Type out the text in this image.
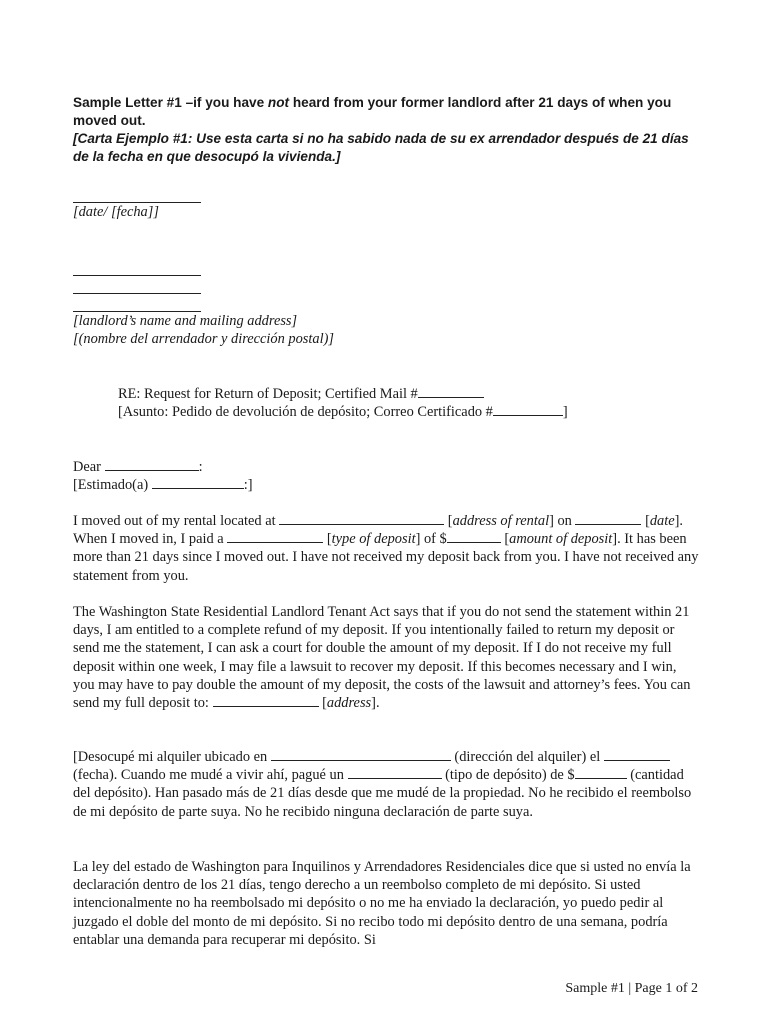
Sample Letter #1 –if you have not heard from your former landlord after 21 days of when you moved out.
[Carta Ejemplo #1: Use esta carta si no ha sabido nada de su ex arrendador después de 21 días de la fecha en que desocupó la vivienda.]
[date/ [fecha]]
[landlord’s name and mailing address]
[(nombre del arrendador y dirección postal)]
RE: Request for Return of Deposit; Certified Mail #
[Asunto: Pedido de devolución de depósito; Correo Certificado #	]
Dear	:
[Estimado(a)	:]

I moved out of my rental located at	[address of rental] on	[date]. When I moved in, I paid a	[type of deposit] of $	[amount of deposit]. It has been more than 21 days since I moved out. I have not received my deposit back from you. I have not received any statement from you.

The Washington State Residential Landlord Tenant Act says that if you do not send the statement within 21 days, I am entitled to a complete refund of my deposit. If you intentionally failed to return my deposit or send me the statement, I can ask a court for double the amount of my deposit. If I do not receive my full deposit within one week, I may file a lawsuit to recover my deposit. If this becomes necessary and I win, you may have to pay double the amount of my deposit, the costs of the lawsuit and attorney’s fees. You can send my full deposit to:	[address].

[Desocupé mi alquiler ubicado en	(dirección del alquiler) el  (fecha). Cuando me mudé a vivir ahí, pagué un	(tipo de depósito) de $	(cantidad del depósito). Han pasado más de 21 días desde que me mudé de la propiedad. No he recibido el reembolso de mi depósito de parte suya. No he recibido ninguna declaración de parte suya.

La ley del estado de Washington para Inquilinos y Arrendadores Residenciales dice que si usted no envía la declaración dentro de los 21 días, tengo derecho a un reembolso completo de mi depósito. Si usted intencionalmente no ha reembolsado mi depósito o no me ha enviado la declaración, yo puedo pedir al juzgado el doble del monto de mi depósito. Si no recibo todo mi depósito dentro de una semana, podría entablar una demanda para recuperar mi depósito. Si

Sample #1 | Page 1 of 2
